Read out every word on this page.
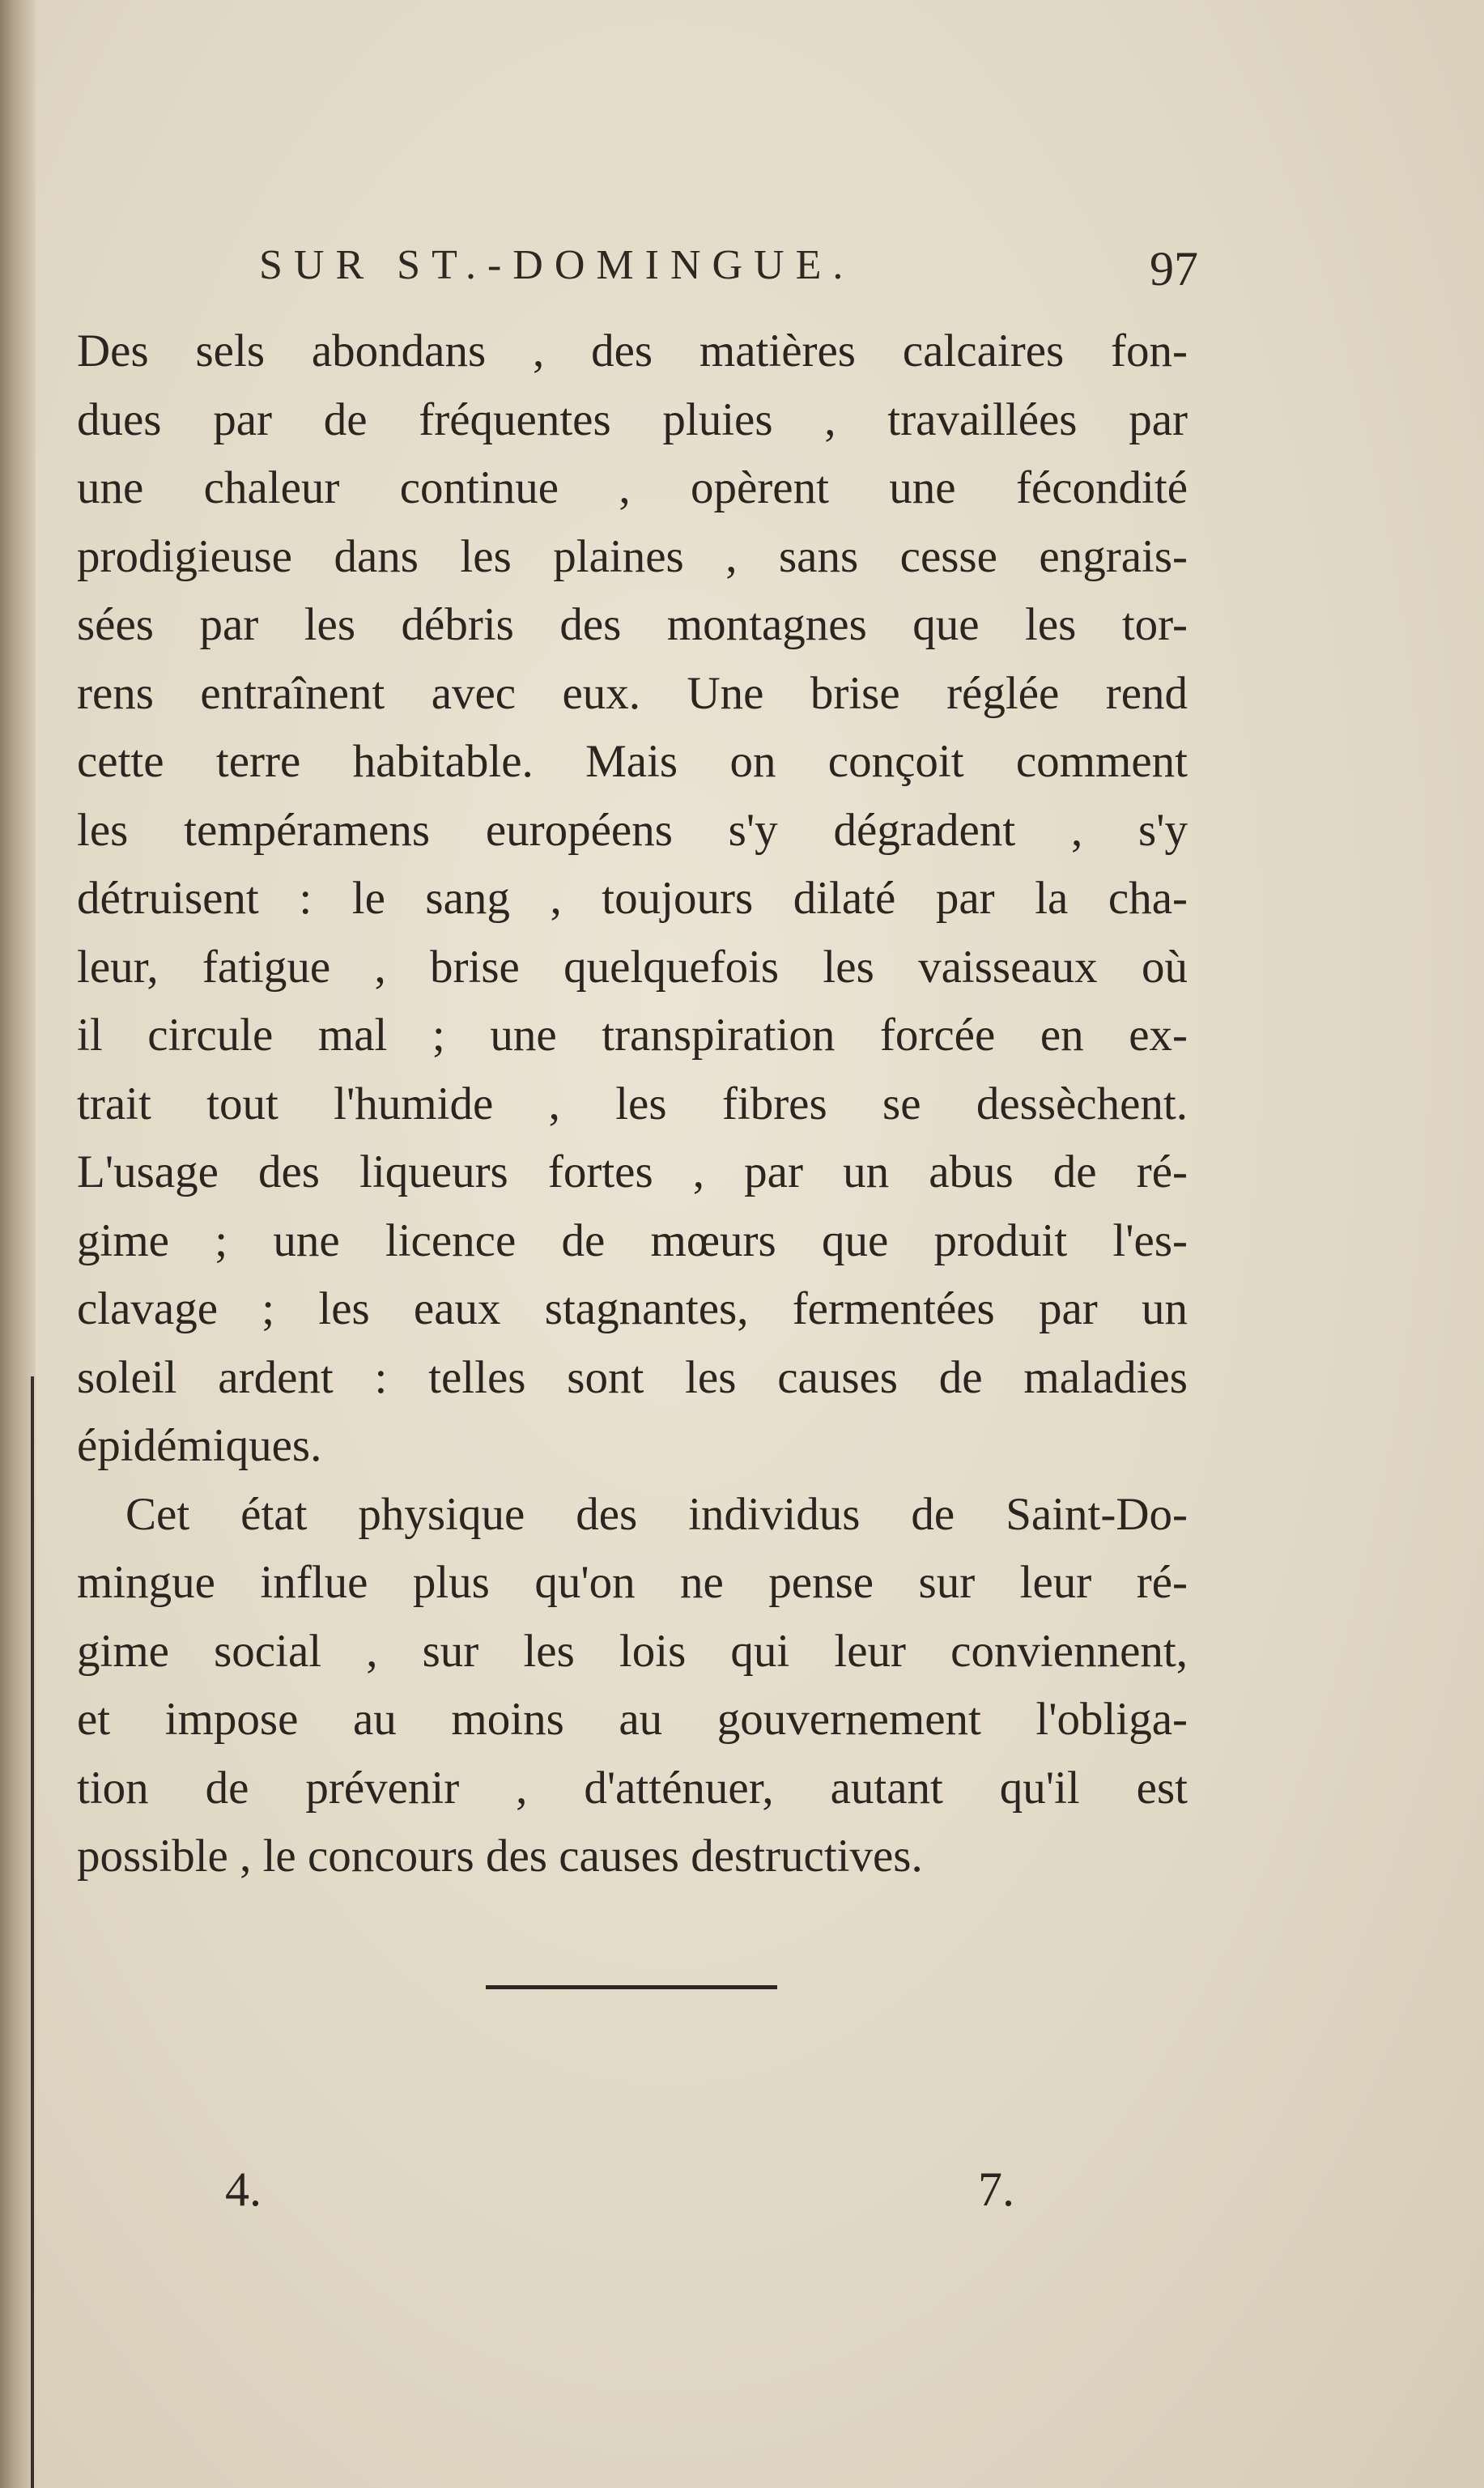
SUR ST.-DOMINGUE.	97
Des sels abondans , des matières calcaires fon-
dues par de fréquentes pluies , travaillées par
une chaleur continue , opèrent une fécondité
prodigieuse dans les plaines , sans cesse engrais-
sées par les débris des montagnes que les tor-
rens entraînent avec eux. Une brise réglée rend
cette terre habitable. Mais on conçoit comment
les tempéramens européens s'y dégradent , s'y
détruisent : le sang , toujours dilaté par la cha-
leur, fatigue , brise quelquefois les vaisseaux où
il circule mal ; une transpiration forcée en ex-
trait tout l'humide , les fibres se dessèchent.
L'usage des liqueurs fortes , par un abus de ré-
gime ; une licence de mœurs que produit l'es-
clavage ; les eaux stagnantes, fermentées par un
soleil ardent : telles sont les causes de maladies
épidémiques.
Cet état physique des individus de Saint-Do-
mingue influe plus qu'on ne pense sur leur ré-
gime social , sur les lois qui leur conviennent,
et impose au moins au gouvernement l'obliga-
tion de prévenir , d'atténuer, autant qu'il est
possible , le concours des causes destructives.
4.	7.
